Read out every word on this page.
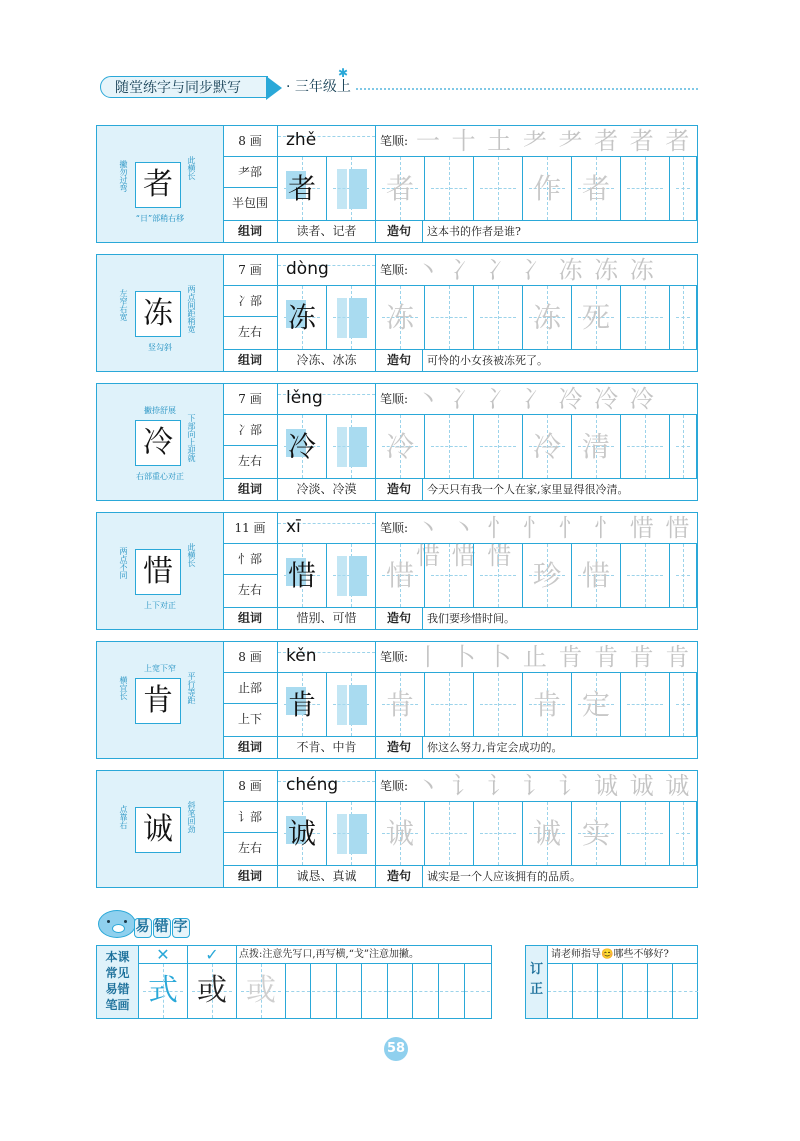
随堂练字与同步默写	· 三年级上
✱
者
撇勿过弯	此横长
“日”部稍右移
8 画
耂部
半包围
zhě	笔顺: 一 十 土 耂 耂 者 者 者
者	者	作 者
组词	读者、记者	造句	这本书的作者是谁?
冻
左窄右宽	两点间距稍宽
竖勾斜
7 画
冫部
左右
dòng	笔顺: 丶 冫 冫 冫 冻 冻 冻
冻	冻	冻 死
组词	冷冻、冰冻	造句	可怜的小女孩被冻死了。
冷	下部向上迎就
撇捺舒展
右部重心对正
7 画
冫部
左右
lěng	笔顺: 丶 冫 冫 冫 冷 冷 冷
冷	冷	冷 清
组词	冷淡、冷漠	造句	今天只有我一个人在家,家里显得很冷清。
惜
两点不同	此横长
上下对正
11 画
忄部
左右
xī	笔顺: 丶 丶 忄 忄 忄 忄 惜 惜 惜 惜 惜
惜	惜	珍 惜
组词	惜别、可惜	造句	我们要珍惜时间。
肯
横宜长	平行等距
上宽下窄
8 画
止部
上下
kěn	笔顺: 丨 卜 卜 止 肯 肯 肯 肯
肯	肯	肯 定
组词	不肯、中肯	造句	你这么努力,肯定会成功的。
诚
点靠右	斜笔回劲
8 画
讠部
左右
chéng	笔顺: 丶 讠 讠 讠 讠 诚 诚 诚
诚	诚	诚 实
组词	诚恳、真诚	造句	诚实是一个人应该拥有的品质。
易 错 字
本课
常见
易错
笔画
✕	✓	点拨:注意先写口,再写横,“戈”注意加撇。
式 或 或
订正
请老师指导😊哪些不够好?
58
